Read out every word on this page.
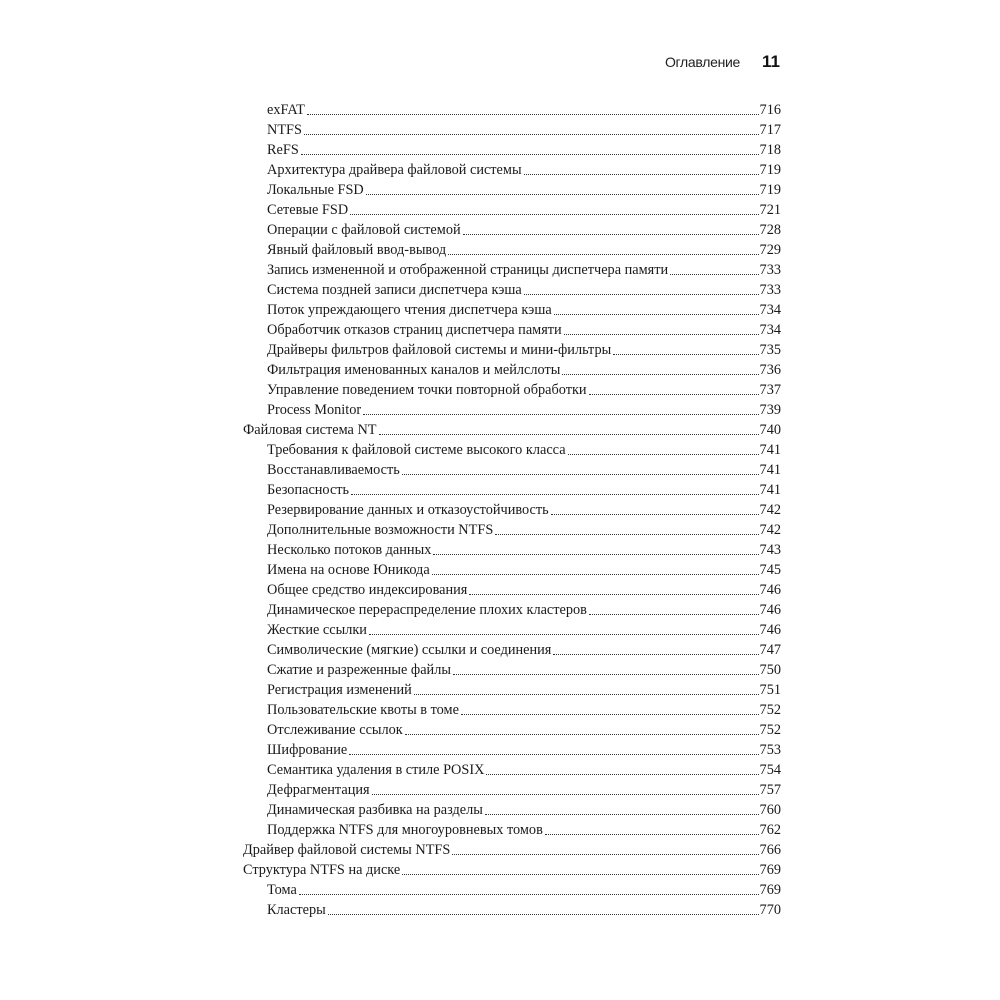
Оглавление 11
exFAT	716
NTFS	717
ReFS	718
Архитектура драйвера файловой системы	719
Локальные FSD	719
Сетевые FSD	721
Операции с файловой системой	728
Явный файловый ввод-вывод	729
Запись измененной и отображенной страницы диспетчера памяти	733
Система поздней записи диспетчера кэша	733
Поток упреждающего чтения диспетчера кэша	734
Обработчик отказов страниц диспетчера памяти	734
Драйверы фильтров файловой системы и мини-фильтры	735
Фильтрация именованных каналов и мейлслоты	736
Управление поведением точки повторной обработки	737
Process Monitor	739
Файловая система NT	740
Требования к файловой системе высокого класса	741
Восстанавливаемость	741
Безопасность	741
Резервирование данных и отказоустойчивость	742
Дополнительные возможности NTFS	742
Несколько потоков данных	743
Имена на основе Юникода	745
Общее средство индексирования	746
Динамическое перераспределение плохих кластеров	746
Жесткие ссылки	746
Символические (мягкие) ссылки и соединения	747
Сжатие и разреженные файлы	750
Регистрация изменений	751
Пользовательские квоты в томе	752
Отслеживание ссылок	752
Шифрование	753
Семантика удаления в стиле POSIX	754
Дефрагментация	757
Динамическая разбивка на разделы	760
Поддержка NTFS для многоуровневых томов	762
Драйвер файловой системы NTFS	766
Структура NTFS на диске	769
Тома	769
Кластеры	770
